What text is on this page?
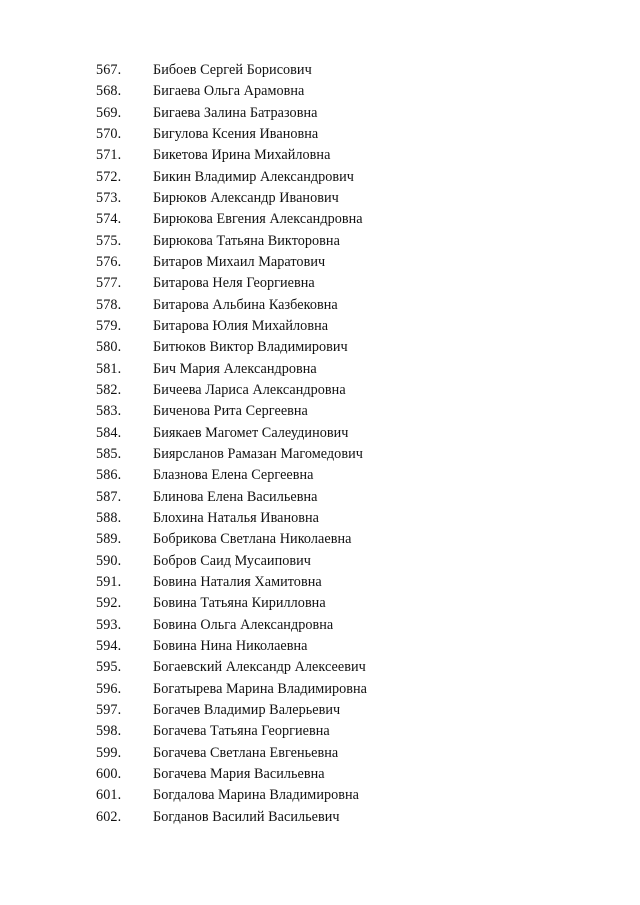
567.	Бибоев Сергей Борисович
568.	Бигаева Ольга Арамовна
569.	Бигаева Залина Батразовна
570.	Бигулова Ксения Ивановна
571.	Бикетова Ирина Михайловна
572.	Бикин Владимир Александрович
573.	Бирюков Александр Иванович
574.	Бирюкова Евгения Александровна
575.	Бирюкова Татьяна Викторовна
576.	Битаров Михаил Маратович
577.	Битарова Неля Георгиевна
578.	Битарова Альбина Казбековна
579.	Битарова Юлия Михайловна
580.	Битюков Виктор Владимирович
581.	Бич Мария Александровна
582.	Бичеева Лариса Александровна
583.	Биченова Рита Сергеевна
584.	Биякаев Магомет Салеудинович
585.	Биярсланов Рамазан Магомедович
586.	Блазнова Елена Сергеевна
587.	Блинова Елена Васильевна
588.	Блохина Наталья Ивановна
589.	Бобрикова Светлана Николаевна
590.	Бобров Саид Мусаипович
591.	Бовина Наталия Хамитовна
592.	Бовина Татьяна Кирилловна
593.	Бовина Ольга Александровна
594.	Бовина Нина Николаевна
595.	Богаевский Александр Алексеевич
596.	Богатырева Марина Владимировна
597.	Богачев Владимир Валерьевич
598.	Богачева Татьяна Георгиевна
599.	Богачева Светлана Евгеньевна
600.	Богачева Мария Васильевна
601.	Богдалова Марина Владимировна
602.	Богданов Василий Васильевич
